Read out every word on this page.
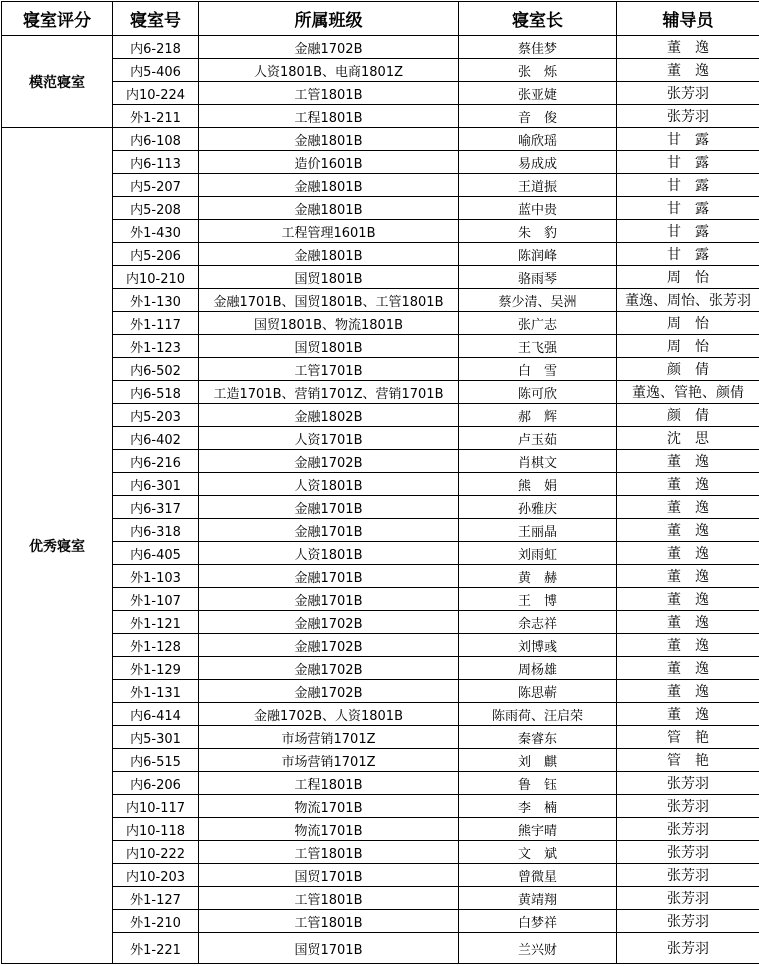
寝室评分	寝室号	所属班级	寝室长	辅导员
模范寝室	内6-218	金融1702B	蔡佳梦	董　逸
	内5-406	人资1801B、电商1801Z	张　烁	董　逸
	内10-224	工管1801B	张亚婕	张芳羽
	外1-211	工程1801B	音　俊	张芳羽
优秀寝室	内6-108	金融1801B	喻欣瑶	甘　露
	内6-113	造价1601B	易成成	甘　露
	内5-207	金融1801B	王道振	甘　露
	内5-208	金融1801B	蓝中贵	甘　露
	外1-430	工程管理1601B	朱　豹	甘　露
	内5-206	金融1801B	陈润峰	甘　露
	内10-210	国贸1801B	骆雨琴	周　怡
	外1-130	金融1701B、国贸1801B、工管1801B	蔡少清、吴洲	董逸、周怡、张芳羽
	外1-117	国贸1801B、物流1801B	张广志	周　怡
	外1-123	国贸1801B	王飞强	周　怡
	内6-502	工管1701B	白　雪	颜　倩
	内6-518	工造1701B、营销1701Z、营销1701B	陈可欣	董逸、管艳、颜倩
	内5-203	金融1802B	郝　辉	颜　倩
	内6-402	人资1701B	卢玉茹	沈　思
	内6-216	金融1702B	肖棋文	董　逸
	内6-301	人资1801B	熊　娟	董　逸
	内6-317	金融1701B	孙雅庆	董　逸
	内6-318	金融1701B	王丽晶	董　逸
	内6-405	人资1801B	刘雨虹	董　逸
	外1-103	金融1701B	黄　赫	董　逸
	外1-107	金融1701B	王　博	董　逸
	外1-121	金融1702B	余志祥	董　逸
	外1-128	金融1702B	刘博彧	董　逸
	外1-129	金融1702B	周杨雄	董　逸
	外1-131	金融1702B	陈思蕲	董　逸
	内6-414	金融1702B、人资1801B	陈雨荷、汪启荣	董　逸
	内5-301	市场营销1701Z	秦睿东	管　艳
	内6-515	市场营销1701Z	刘　麒	管　艳
	内6-206	工程1801B	鲁　钰	张芳羽
	内10-117	物流1701B	李　楠	张芳羽
	内10-118	物流1701B	熊宇晴	张芳羽
	内10-222	工管1801B	文　斌	张芳羽
	内10-203	国贸1701B	曾微星	张芳羽
	外1-127	工管1801B	黄靖翔	张芳羽
	外1-210	工管1801B	白梦祥	张芳羽
	外1-221	国贸1701B	兰兴财	张芳羽
